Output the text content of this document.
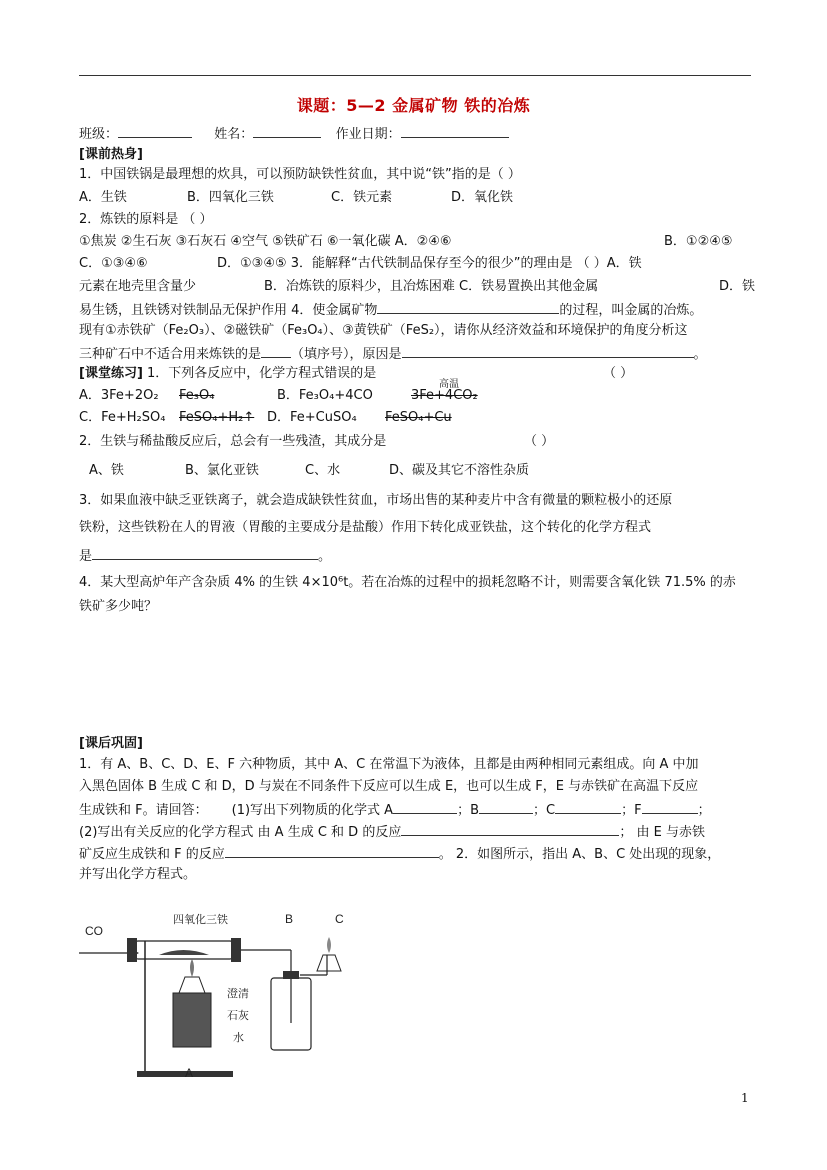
课题：5—2 金属矿物 铁的冶炼
班级：	姓名：	作业日期：
[课前热身]
1．中国铁锅是最理想的炊具，可以预防缺铁性贫血，其中说“铁”指的是（ ）
A．生铁	B．四氧化三铁	C．铁元素	D．氧化铁
2．炼铁的原料是 （ ）
①焦炭 ②生石灰 ③石灰石 ④空气 ⑤铁矿石 ⑥一氧化碳 A．②④⑥	B．①②④⑤
C．①③④⑥	D．①③④⑤ 3．能解释“古代铁制品保存至今的很少”的理由是 （ ）A．铁
元素在地壳里含量少	B．冶炼铁的原料少，且冶炼困难 C．铁易置换出其他金属	D．铁
易生锈，且铁锈对铁制品无保护作用 4．使金属矿物	的过程，叫金属的冶炼。
现有①赤铁矿（Fe₂O₃）、②磁铁矿（Fe₃O₄）、③黄铁矿（FeS₂），请你从经济效益和环境保护的角度分析这
三种矿石中不适合用来炼铁的是 （填序号），原因是	。
[课堂练习] 1．下列各反应中，化学方程式错误的是	（ ）
高温
A．3Fe+2O₂ Fe₃O₄	B．Fe₃O₄+4CO	3Fe+4CO₂
C．Fe+H₂SO₄ FeSO₄+H₂↑ D．Fe+CuSO₄ FeSO₄+Cu
2．生铁与稀盐酸反应后，总会有一些残渣，其成分是	（ ）
A、铁	B、氯化亚铁	C、水	D、碳及其它不溶性杂质
3．如果血液中缺乏亚铁离子，就会造成缺铁性贫血，市场出售的某种麦片中含有微量的颗粒极小的还原
铁粉，这些铁粉在人的胃液（胃酸的主要成分是盐酸）作用下转化成亚铁盐，这个转化的化学方程式
是	。
4．某大型高炉年产含杂质 4% 的生铁 4×10⁶t。若在冶炼的过程中的损耗忽略不计，则需要含氧化铁 71.5% 的赤
铁矿多少吨？
[课后巩固]
1．有 A、B、C、D、E、F 六种物质，其中 A、C 在常温下为液体，且都是由两种相同元素组成。向 A 中加
入黑色固体 B 生成 C 和 D，D 与炭在不同条件下反应可以生成 E，也可以生成 F，E 与赤铁矿在高温下反应
生成铁和 F。请回答： (1)写出下列物质的化学式 A	；B	；C	；F	；
(2)写出有关反应的化学方程式 由 A 生成 C 和 D 的反应	； 由 E 与赤铁
矿反应生成铁和 F 的反应	。 2．如图所示，指出 A、B、C 处出现的现象，
并写出化学方程式。
CO
四氧化三铁	B	C
澄清
石灰
水
A
1
